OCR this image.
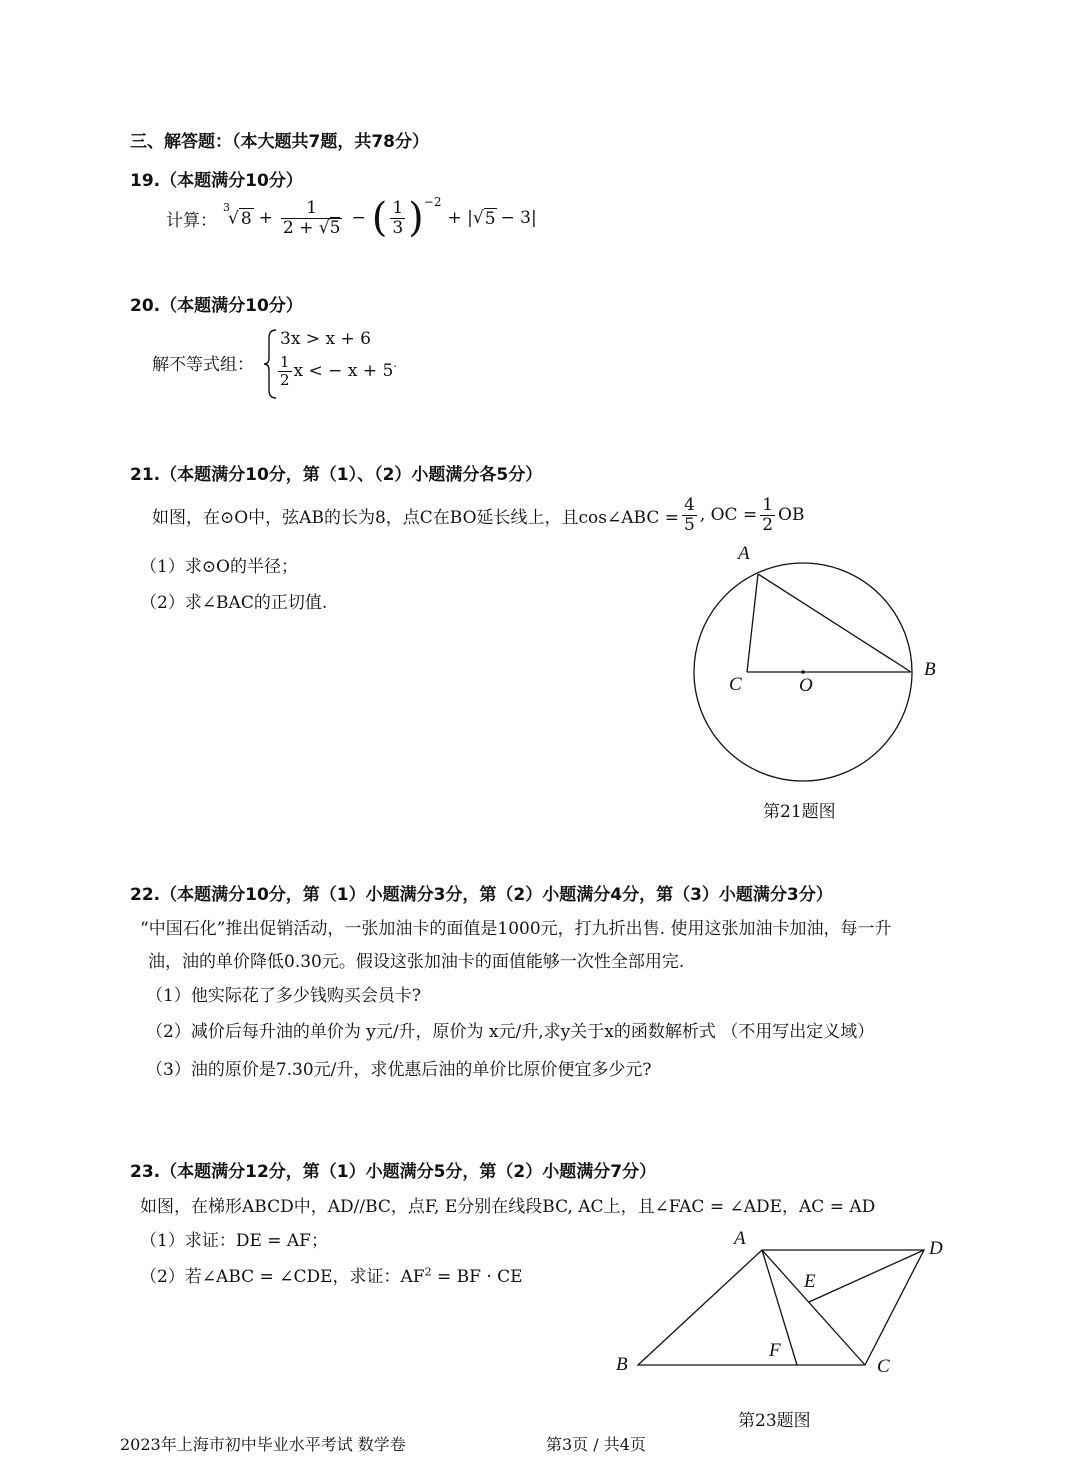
三、解答题：（本大题共7题，共78分）
19.（本题满分10分）
计算：
$^3$√ $8 + \frac{1}{2 + √5}$ − ( $\frac{1}{3} )^{-2}$
+ | √ 5 − 3|
20.（本题满分10分）
解不等式组：
3x > x + 6
$\frac{1}{2}$ x < − x + 5 .
21.（本题满分10分，第（1）、（2）小题满分各5分）
如图，在⊙O中，弦AB的长为8，点C在BO延长线上，且cos∠ABC = $\frac{4}{5}$ , OC = $\frac{1}{2}$ OB
（1）求⊙O的半径；
（2）求∠BAC的正切值.
A
B
C	O
第21题图
22.（本题满分10分，第（1）小题满分3分，第（2）小题满分4分，第（3）小题满分3分）
“中国石化”推出促销活动，一张加油卡的面值是1000元，打九折出售. 使用这张加油卡加油，每一升
油，油的单价降低0.30元。假设这张加油卡的面值能够一次性全部用完.
（1）他实际花了多少钱购买会员卡?
（2）减价后每升油的单价为 y元/升，原价为 x元/升,求y关于x的函数解析式 （不用写出定义域）
（3）油的原价是7.30元/升，求优惠后油的单价比原价便宜多少元?
23.（本题满分12分，第（1）小题满分5分，第（2）小题满分7分）
如图，在梯形ABCD中，AD//BC，点F, E分别在线段BC, AC上，且∠FAC = ∠ADE，AC = AD
（1）求证：DE = AF；
（2）若∠ABC = ∠CDE，求证：$AF^2$ = BF · CE
A	D
E
F
B	C
第23题图
2023年上海市初中毕业水平考试 数学卷	第3页 / 共4页
